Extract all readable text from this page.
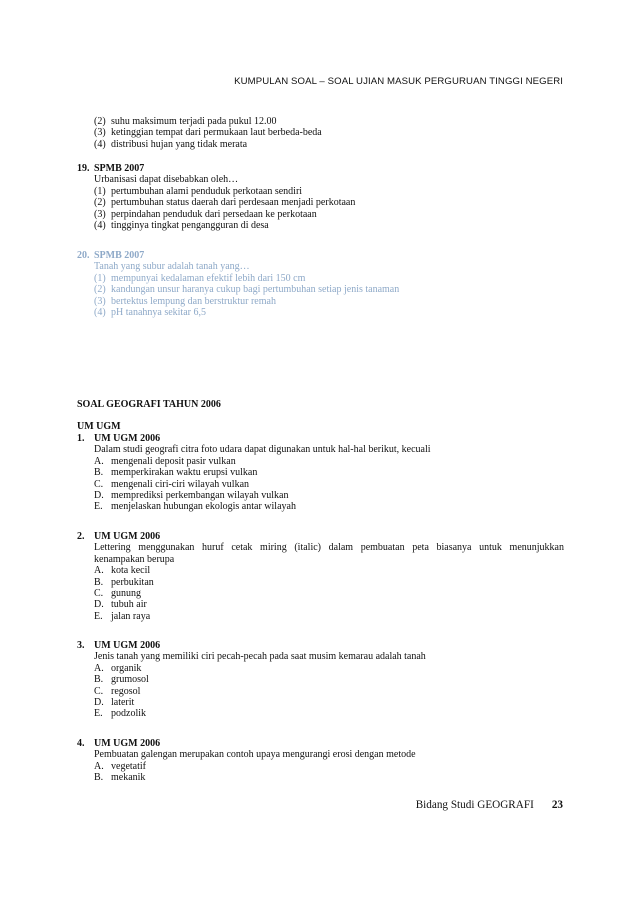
KUMPULAN SOAL – SOAL UJIAN MASUK PERGURUAN TINGGI NEGERI
(2) suhu maksimum terjadi pada pukul 12.00
(3) ketinggian tempat dari permukaan laut berbeda-beda
(4) distribusi hujan yang tidak merata
19. SPMB 2007
Urbanisasi dapat disebabkan oleh…
(1) pertumbuhan alami penduduk perkotaan sendiri
(2) pertumbuhan status daerah dari perdesaan menjadi perkotaan
(3) perpindahan penduduk dari persedaan ke perkotaan
(4) tingginya tingkat pengangguran di desa
20. SPMB 2007
Tanah yang subur adalah tanah yang…
(1) mempunyai kedalaman efektif lebih dari 150 cm
(2) kandungan unsur haranya cukup bagi pertumbuhan setiap jenis tanaman
(3) bertektus lempung dan berstruktur remah
(4) pH tanahnya sekitar 6,5
SOAL GEOGRAFI TAHUN 2006
UM UGM
1. UM UGM 2006
Dalam studi geografi citra foto udara dapat digunakan untuk hal-hal berikut, kecuali
A. mengenali deposit pasir vulkan
B. memperkirakan waktu erupsi vulkan
C. mengenali ciri-ciri wilayah vulkan
D. memprediksi perkembangan wilayah vulkan
E. menjelaskan hubungan ekologis antar wilayah
2. UM UGM 2006
Lettering menggunakan huruf cetak miring (italic) dalam pembuatan peta biasanya untuk menunjukkan
kenampakan berupa
A. kota kecil
B. perbukitan
C. gunung
D. tubuh air
E. jalan raya
3. UM UGM 2006
Jenis tanah yang memiliki ciri pecah-pecah pada saat musim kemarau adalah tanah
A. organik
B. grumosol
C. regosol
D. laterit
E. podzolik
4. UM UGM 2006
Pembuatan galengan merupakan contoh upaya mengurangi erosi dengan metode
A. vegetatif
B. mekanik
Bidang Studi GEOGRAFI 23
